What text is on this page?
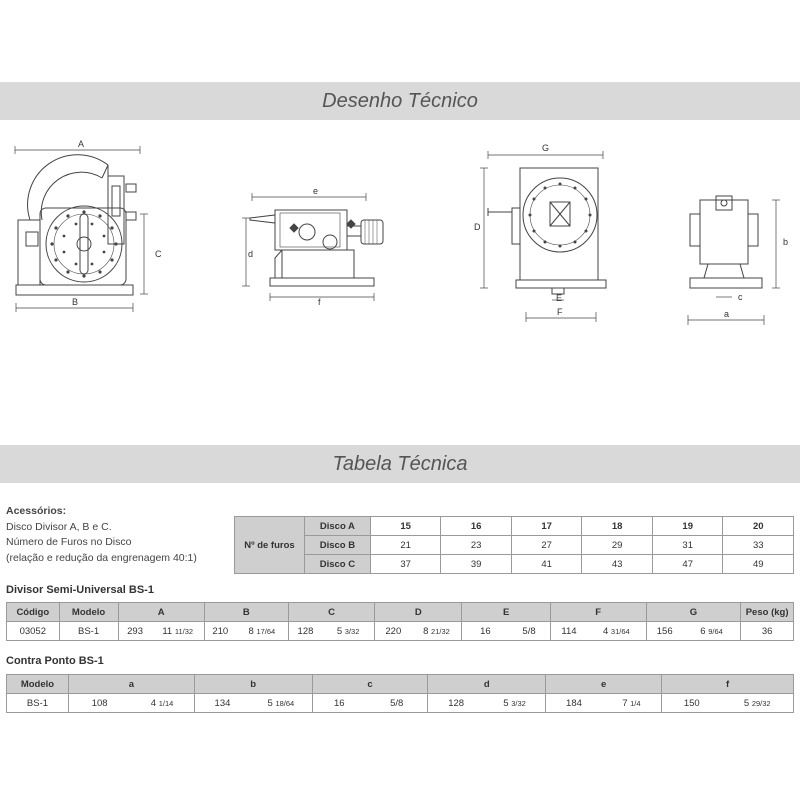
Desenho Técnico
A
C
B
e
d
f
G
D
E
F
b
c
a
Tabela Técnica
Acessórios:
Disco Divisor A, B e C.
Número de Furos no Disco
(relação e redução da engrenagem 40:1)
Nº de furos	Disco A	15	16	17	18	19	20
	Disco B	21	23	27	29	31	33
	Disco C	37	39	41	43	47	49
Divisor Semi-Universal BS-1
Código	Modelo	A		B		C		D		E		F		G		Peso (kg)
03052	BS-1	293	11 11/32	210	8 17/64	128	5 3/32	220	8 21/32	16	5/8	114	4 31/64	156	6 9/64	36
Contra Ponto BS-1
Modelo	a		b		c		d		e		f	
BS-1	108	4 1/14	134	5 18/64	16	5/8	128	5 3/32	184	7 1/4	150	5 29/32
